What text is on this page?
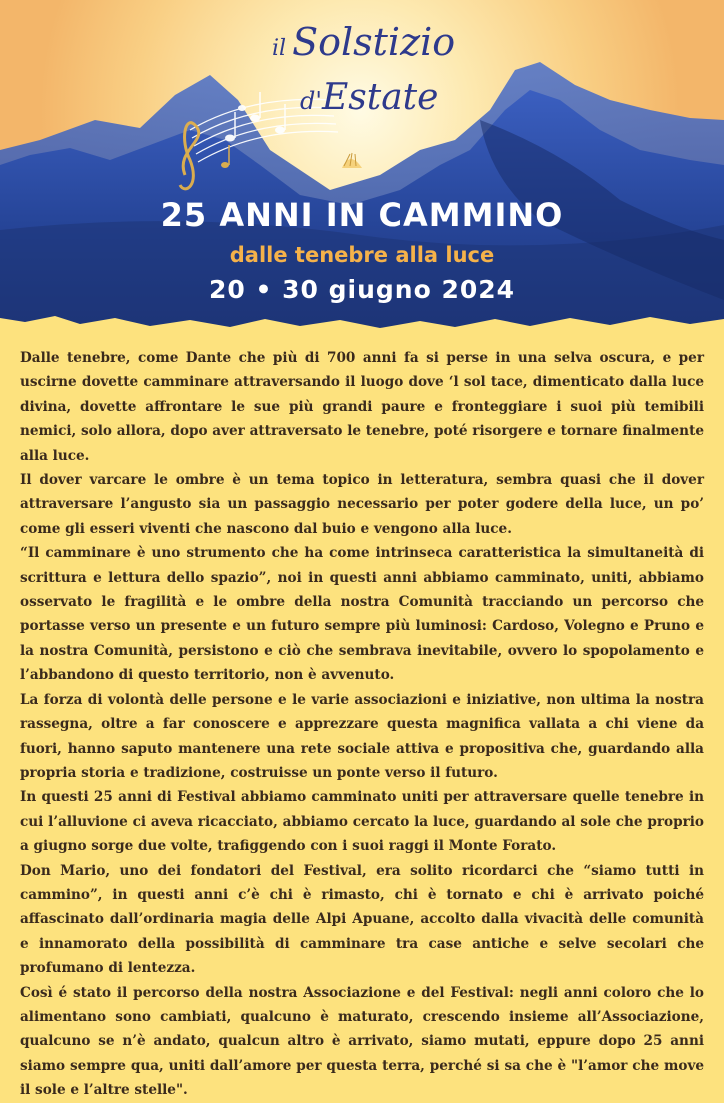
il Solstizio
d'Estate
25 ANNI IN CAMMINO
dalle tenebre alla luce
20 • 30 giugno 2024

Dalle tenebre, come Dante che più di 700 anni fa si perse in una selva oscura, e per uscirne dovette camminare attraversando il luogo dove ‘l sol tace, dimenticato dalla luce divina, dovette affrontare le sue più grandi paure e fronteggiare i suoi più temibili nemici, solo allora, dopo aver attraversato le tenebre, poté risorgere e tornare finalmente alla luce.

Il dover varcare le ombre è un tema topico in letteratura, sembra quasi che il dover attraversare l’angusto sia un passaggio necessario per poter godere della luce, un po’ come gli esseri viventi che nascono dal buio e vengono alla luce.

“Il camminare è uno strumento che ha come intrinseca caratteristica la simultaneità di scrittura e lettura dello spazio”, noi in questi anni abbiamo camminato, uniti, abbiamo osservato le fragilità e le ombre della nostra Comunità tracciando un percorso che portasse verso un presente e un futuro sempre più luminosi: Cardoso, Volegno e Pruno e la nostra Comunità, persistono e ciò che sembrava inevitabile, ovvero lo spopolamento e l’abbandono di questo territorio, non è avvenuto.

La forza di volontà delle persone e le varie associazioni e iniziative, non ultima la nostra rassegna, oltre a far conoscere e apprezzare questa magnifica vallata a chi viene da fuori, hanno saputo mantenere una rete sociale attiva e propositiva che, guardando alla propria storia e tradizione, costruisse un ponte verso il futuro.

In questi 25 anni di Festival abbiamo camminato uniti per attraversare quelle tenebre in cui l’alluvione ci aveva ricacciato, abbiamo cercato la luce, guardando al sole che proprio a giugno sorge due volte, trafiggendo con i suoi raggi il Monte Forato.

Don Mario, uno dei fondatori del Festival, era solito ricordarci che “siamo tutti in cammino”, in questi anni c’è chi è rimasto, chi è tornato e chi è arrivato poiché affascinato dall’ordinaria magia delle Alpi Apuane, accolto dalla vivacità delle comunità e innamorato della possibilità di camminare tra case antiche e selve secolari che profumano di lentezza.

Così é stato il percorso della nostra Associazione e del Festival: negli anni coloro che lo alimentano sono cambiati, qualcuno è maturato, crescendo insieme all’Associazione, qualcuno se n’è andato, qualcun altro è arrivato, siamo mutati, eppure dopo 25 anni siamo sempre qua, uniti dall’amore per questa terra, perché si sa che è "l’amor che move il sole e l’altre stelle".
